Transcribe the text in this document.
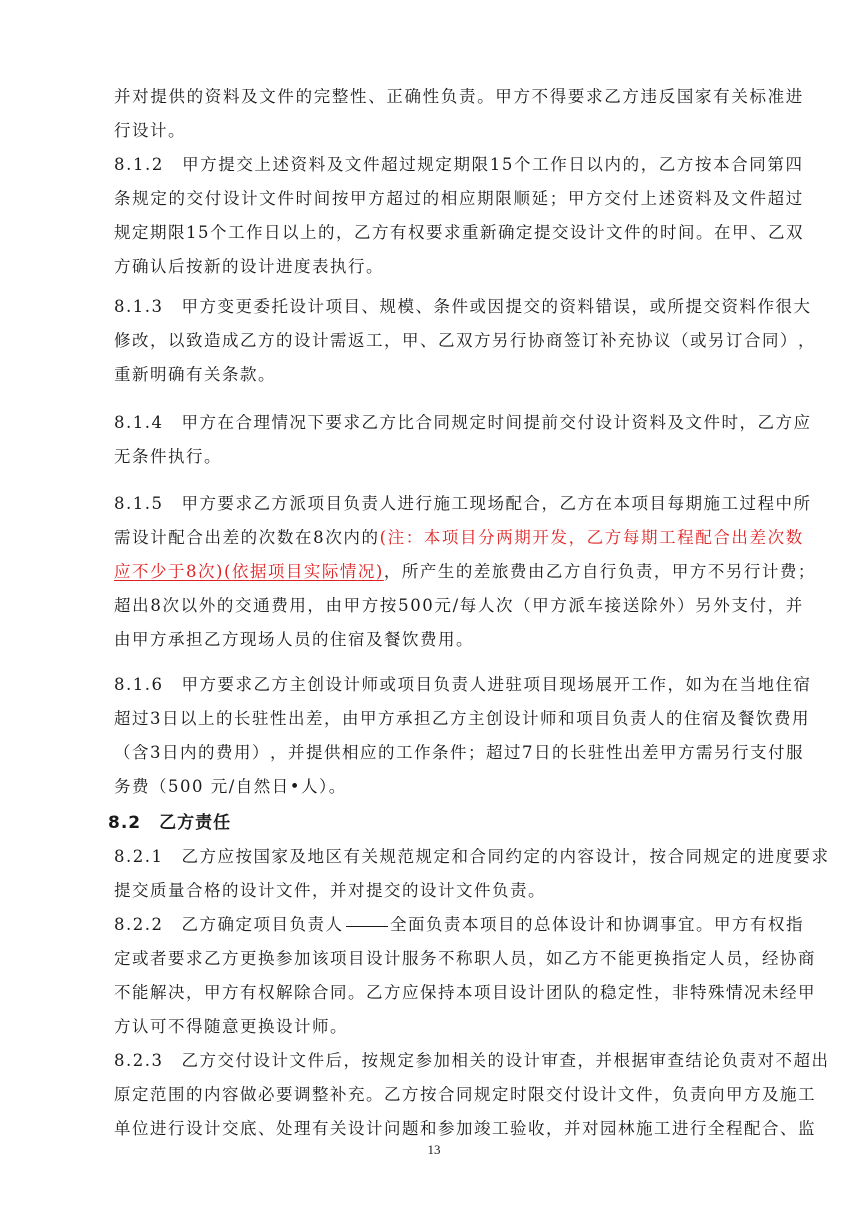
并 对 提 供 的 资 料 及 文 件 的 完 整 性 、 正 确 性 负 责 。 甲 方 不 得 要 求 乙 方 违 反 国 家 有 关 标 准 进
行设计。
8 . 1 . 2
　 甲 方 提 交 上 述 资 料 及 文 件 超 过 规 定 期 限 1 5 个 工 作 日 以 内 的 ， 乙 方 按 本 合 同 第 四
条 规 定 的 交 付 设 计 文 件 时 间 按 甲 方 超 过 的 相 应 期 限 顺 延 ； 甲 方 交 付 上 述 资 料 及 文 件 超 过
规 定 期 限 1 5 个 工 作 日 以 上 的 ， 乙 方 有 权 要 求 重 新 确 定 提 交 设 计 文 件 的 时 间 。 在 甲 、 乙 双
方确认后按新的设计进度表执行。
8 . 1 . 3
　 甲 方 变 更 委 托 设 计 项 目 、 规 模 、 条 件 或 因 提 交 的 资 料 错 误 ， 或 所 提 交 资 料 作 很 大
修 改 ， 以 致 造 成 乙 方 的 设 计 需 返 工 ， 甲 、 乙 双 方 另 行 协 商 签 订 补 充 协 议 （ 或 另 订 合 同 ） ，
重新明确有关条款。
8 . 1 . 4
　 甲 方 在 合 理 情 况 下 要 求 乙 方 比 合 同 规 定 时 间 提 前 交 付 设 计 资 料 及 文 件 时 ， 乙 方 应
无条件执行。
8 . 1 . 5
　 甲 方 要 求 乙 方 派 项 目 负 责 人 进 行 施 工 现 场 配 合 ， 乙 方 在 本 项 目 每 期 施 工 过 程 中 所
需 设 计 配 合 出 差 的 次 数 在 8 次 内 的 ( 注 ： 本 项 目 分 两 期 开 发 ， 乙 方 每 期 工 程 配 合 出 差 次 数
应 不 少 于 8 次 ) ( 依 据 项 目 实 际 情 况 ) ， 所 产 生 的 差 旅 费 由 乙 方 自 行 负 责 ， 甲 方 不 另 行 计 费 ；
超 出 8 次 以 外 的 交 通 费 用 ， 由 甲 方 按 5 0 0 元 / 每 人 次 （ 甲 方 派 车 接 送 除 外 ） 另 外 支 付 ， 并
由甲方承担乙方现场人员的住宿及餐饮费用。
8 . 1 . 6
　 甲 方 要 求 乙 方 主 创 设 计 师 或 项 目 负 责 人 进 驻 项 目 现 场 展 开 工 作 ， 如 为 在 当 地 住 宿
超 过 3 日 以 上 的 长 驻 性 出 差 ， 由 甲 方 承 担 乙 方 主 创 设 计 师 和 项 目 负 责 人 的 住 宿 及 餐 饮 费 用
（ 含 3 日 内 的 费 用 ） ， 并 提 供 相 应 的 工 作 条 件 ； 超 过 7 日 的 长 驻 性 出 差 甲 方 需 另 行 支 付 服
务费（500 元/自然日•人）。
8 . 2 . 1
　 乙 方 应 按 国 家 及 地 区 有 关 规 范 规 定 和 合 同 约 定 的 内 容 设 计 ， 按 合 同 规 定 的 进 度 要 求
提交质量合格的设计文件，并对提交的设计文件负责。
8 . 2 . 2
　 乙 方 确 定 项 目 负 责 人	全 面 负 责 本 项 目 的 总 体 设 计 和 协 调 事 宜 。 甲 方 有 权 指
定 或 者 要 求 乙 方 更 换 参 加 该 项 目 设 计 服 务 不 称 职 人 员 ， 如 乙 方 不 能 更 换 指 定 人 员 ， 经 协 商
不 能 解 决 ， 甲 方 有 权 解 除 合 同 。 乙 方 应 保 持 本 项 目 设 计 团 队 的 稳 定 性 ， 非 特 殊 情 况 未 经 甲
方认可不得随意更换设计师。
8 . 2 . 3
　 乙 方 交 付 设 计 文 件 后 ， 按 规 定 参 加 相 关 的 设 计 审 查 ， 并 根 据 审 查 结 论 负 责 对 不 超 出
原 定 范 围 的 内 容 做 必 要 调 整 补 充 。 乙 方 按 合 同 规 定 时 限 交 付 设 计 文 件 ， 负 责 向 甲 方 及 施 工
单 位 进 行 设 计 交 底 、 处 理 有 关 设 计 问 题 和 参 加 竣 工 验 收 ， 并 对 园 林 施 工 进 行 全 程 配 合 、 监
8.2 乙方责任
13
